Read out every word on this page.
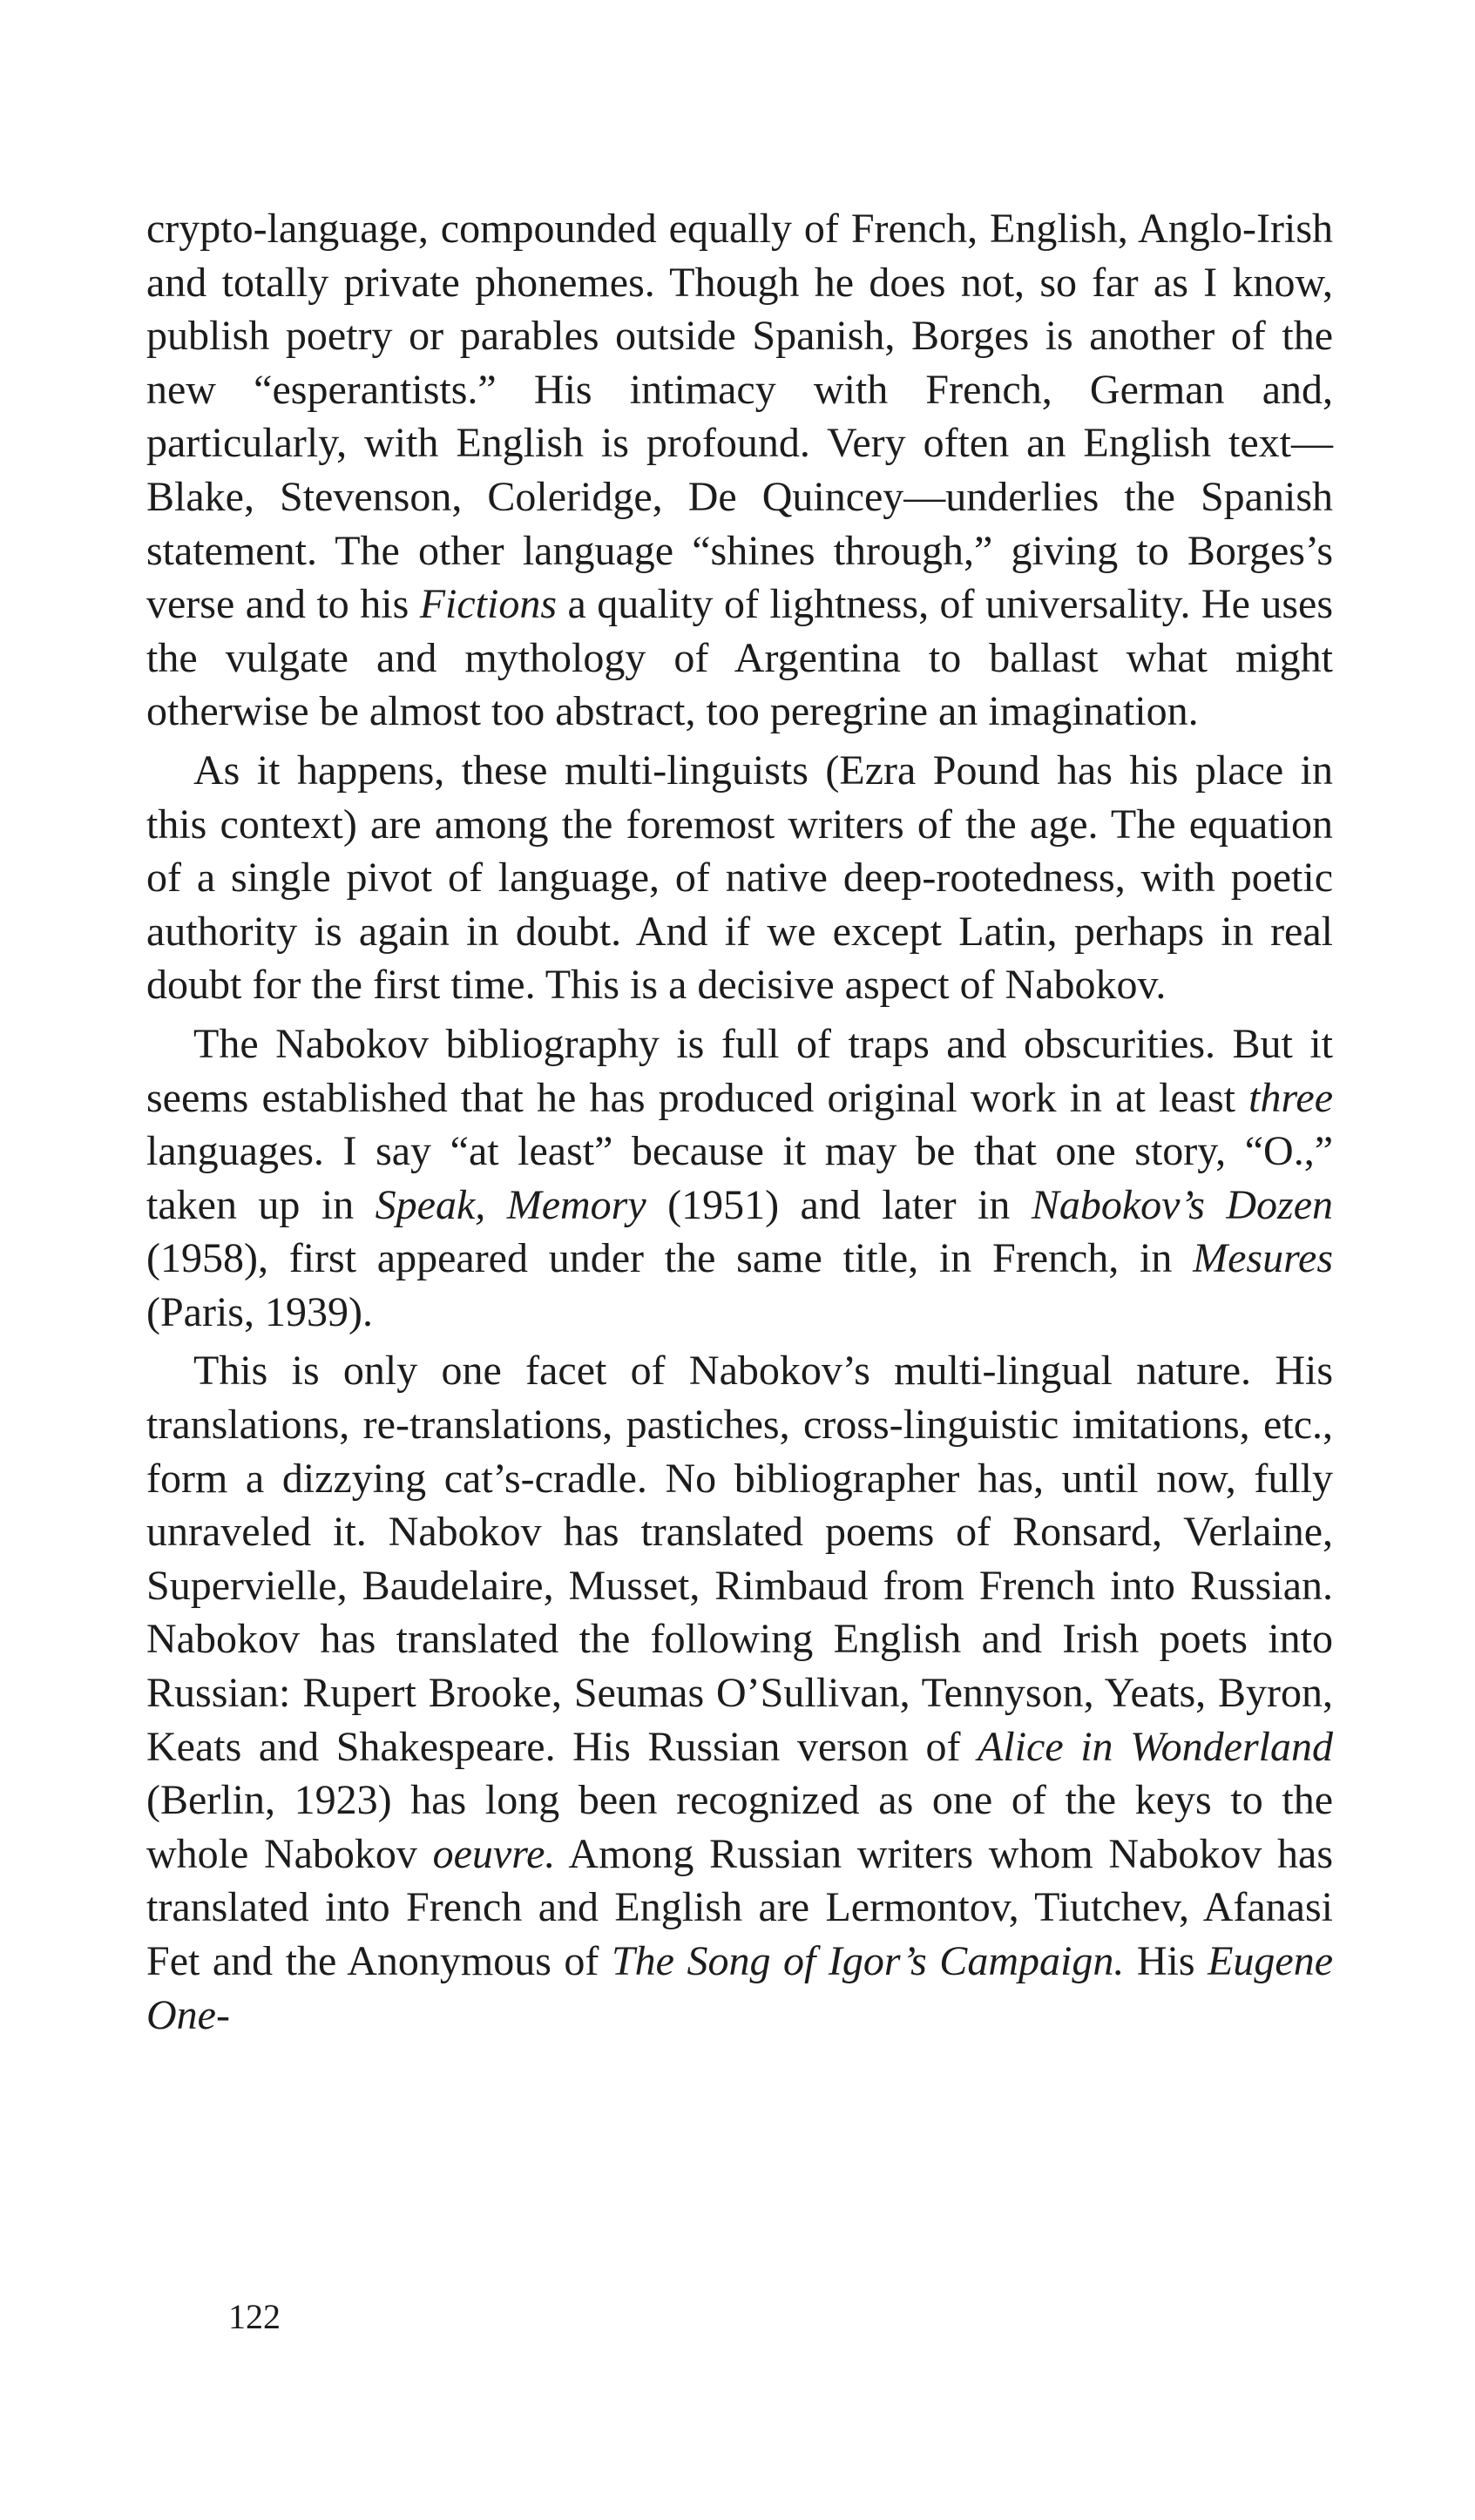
crypto-language, compounded equally of French, English, Anglo-Irish and totally private phonemes. Though he does not, so far as I know, publish poetry or parables outside Spanish, Borges is another of the new “esperantists.” His intimacy with French, German and, particularly, with English is profound. Very often an English text—Blake, Stevenson, Coleridge, De Quincey—underlies the Spanish statement. The other language “shines through,” giving to Borges’s verse and to his Fictions a quality of lightness, of universality. He uses the vulgate and mythology of Argentina to ballast what might otherwise be almost too abstract, too peregrine an imagination.

As it happens, these multi-linguists (Ezra Pound has his place in this context) are among the foremost writers of the age. The equation of a single pivot of language, of native deep-rootedness, with poetic authority is again in doubt. And if we except Latin, perhaps in real doubt for the first time. This is a decisive aspect of Nabokov.

The Nabokov bibliography is full of traps and obscurities. But it seems established that he has produced original work in at least three languages. I say “at least” because it may be that one story, “O.,” taken up in Speak, Memory (1951) and later in Nabokov’s Dozen (1958), first appeared under the same title, in French, in Mesures (Paris, 1939).

This is only one facet of Nabokov’s multi-lingual nature. His translations, re-translations, pastiches, cross-linguistic imitations, etc., form a dizzying cat’s-cradle. No bibliographer has, until now, fully unraveled it. Nabokov has translated poems of Ronsard, Verlaine, Supervielle, Baudelaire, Musset, Rimbaud from French into Russian. Nabokov has translated the following English and Irish poets into Russian: Rupert Brooke, Seumas O’Sullivan, Tennyson, Yeats, Byron, Keats and Shakespeare. His Russian verson of Alice in Wonderland (Berlin, 1923) has long been recognized as one of the keys to the whole Nabokov oeuvre. Among Russian writers whom Nabokov has translated into French and English are Lermontov, Tiutchev, Afanasi Fet and the Anonymous of The Song of Igor’s Campaign. His Eugene One-

122
